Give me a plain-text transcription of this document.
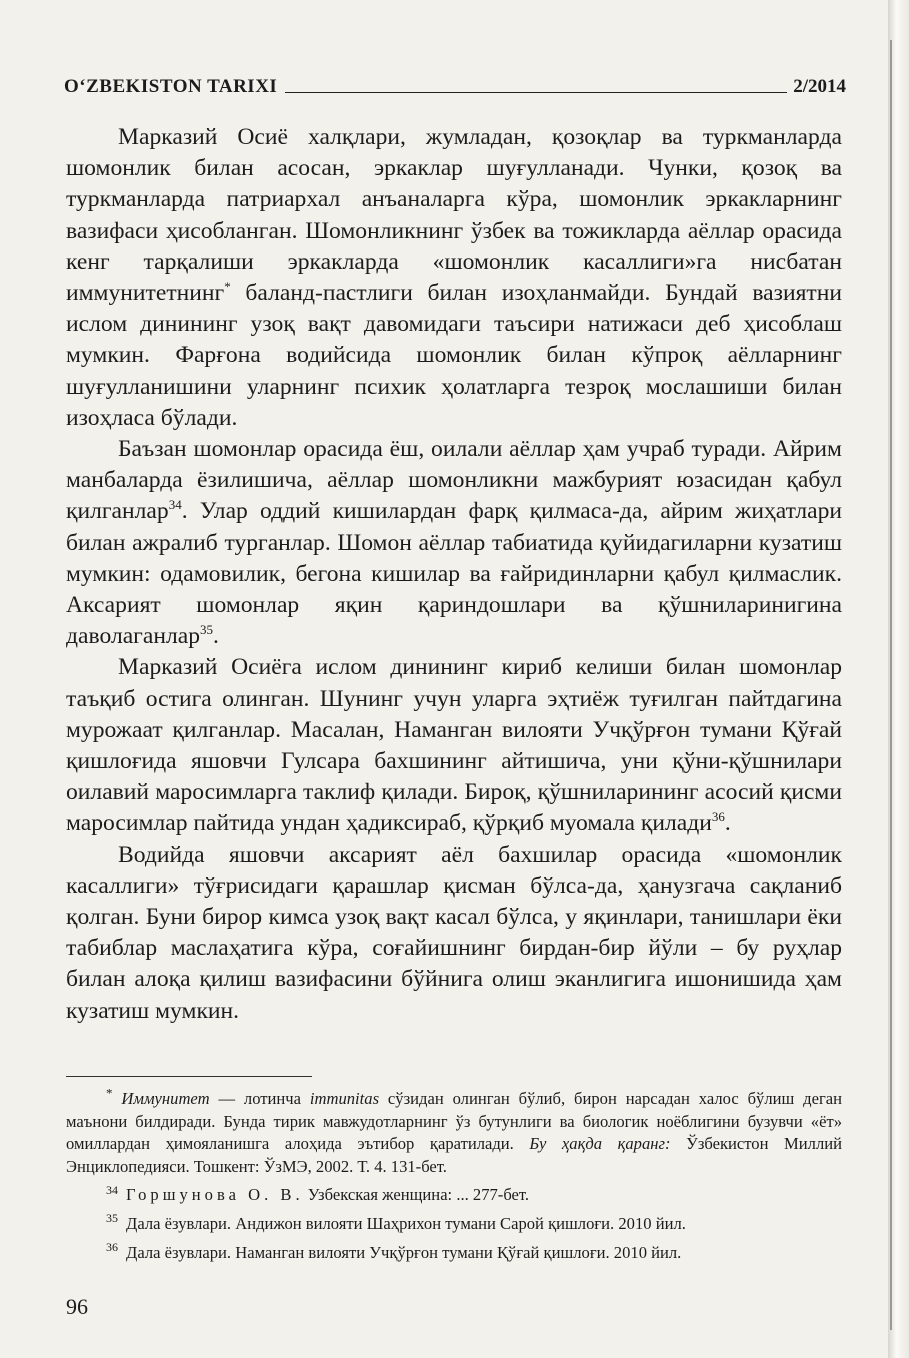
O‘ZBEKISTON TARIXI	2/2014

Марказий Осиё халқлари, жумладан, қозоқлар ва туркманларда шомонлик билан асосан, эркаклар шуғулланади. Чунки, қозоқ ва туркманларда патриархал анъаналарга кўра, шомонлик эркакларнинг вазифаси ҳисобланган. Шомонликнинг ўзбек ва тожикларда аёллар орасида кенг тарқалиши эркакларда «шомонлик касаллиги»га нисбатан иммунитетнинг* баланд-пастлиги билан изоҳланмайди. Бундай вазиятни ислом динининг узоқ вақт давомидаги таъсири натижаси деб ҳисоблаш мумкин. Фарғона водийсида шомонлик билан кўпроқ аёлларнинг шуғулланишини уларнинг психик ҳолатларга тезроқ мослашиши билан изоҳласа бўлади.

Баъзан шомонлар орасида ёш, оилали аёллар ҳам учраб туради. Айрим манбаларда ёзилишича, аёллар шомонликни мажбурият юзасидан қабул қилганлар$^{34}$. Улар оддий кишилардан фарқ қилмаса-да, айрим жиҳатлари билан ажралиб турганлар. Шомон аёллар табиатида қуйидагиларни кузатиш мумкин: одамовилик, бегона кишилар ва ғайридинларни қабул қилмаслик. Аксарият шомонлар яқин қариндошлари ва қўшниларинигина даволаганлар$^{35}$.

Марказий Осиёга ислом динининг кириб келиши билан шомонлар таъқиб остига олинган. Шунинг учун уларга эҳтиёж туғилган пайтдагина мурожаат қилганлар. Масалан, Наманган вилояти Учқўрғон тумани Қўғай қишлоғида яшовчи Гулсара бахшининг айтишича, уни қўни-қўшнилари оилавий маросимларга таклиф қилади. Бироқ, қўшниларининг асосий қисми маросимлар пайтида ундан ҳадиксираб, қўрқиб муомала қилади$^{36}$.

Водийда яшовчи аксарият аёл бахшилар орасида «шомонлик касаллиги» тўғрисидаги қарашлар қисман бўлса-да, ҳанузгача сақланиб қолган. Буни бирор кимса узоқ вақт касал бўлса, у яқинлари, танишлари ёки табиблар маслаҳатига кўра, соғайишнинг бирдан-бир йўли – бу руҳлар билан алоқа қилиш вазифасини бўйнига олиш эканлигига ишонишида ҳам кузатиш мумкин.

* Иммунитет — лотинча immunitas сўзидан олинган бўлиб, бирон нарсадан халос бўлиш деган маънони билдиради. Бунда тирик мавжудотларнинг ўз бутунлиги ва биологик ноёблигини бузувчи «ёт» омиллардан ҳимояланишга алоҳида эътибор қаратилади. Бу ҳақда қаранг: Ўзбекистон Миллий Энциклопедияси. Тошкент: ЎзМЭ, 2002. Т. 4. 131-бет.

$^{34}$ Горшунова О. В. Узбекская женщина: ... 277-бет.

$^{35}$ Дала ёзувлари. Андижон вилояти Шаҳрихон тумани Сарой қишлоғи. 2010 йил.

$^{36}$ Дала ёзувлари. Наманган вилояти Учқўрғон тумани Қўғай қишлоғи. 2010 йил.

96
